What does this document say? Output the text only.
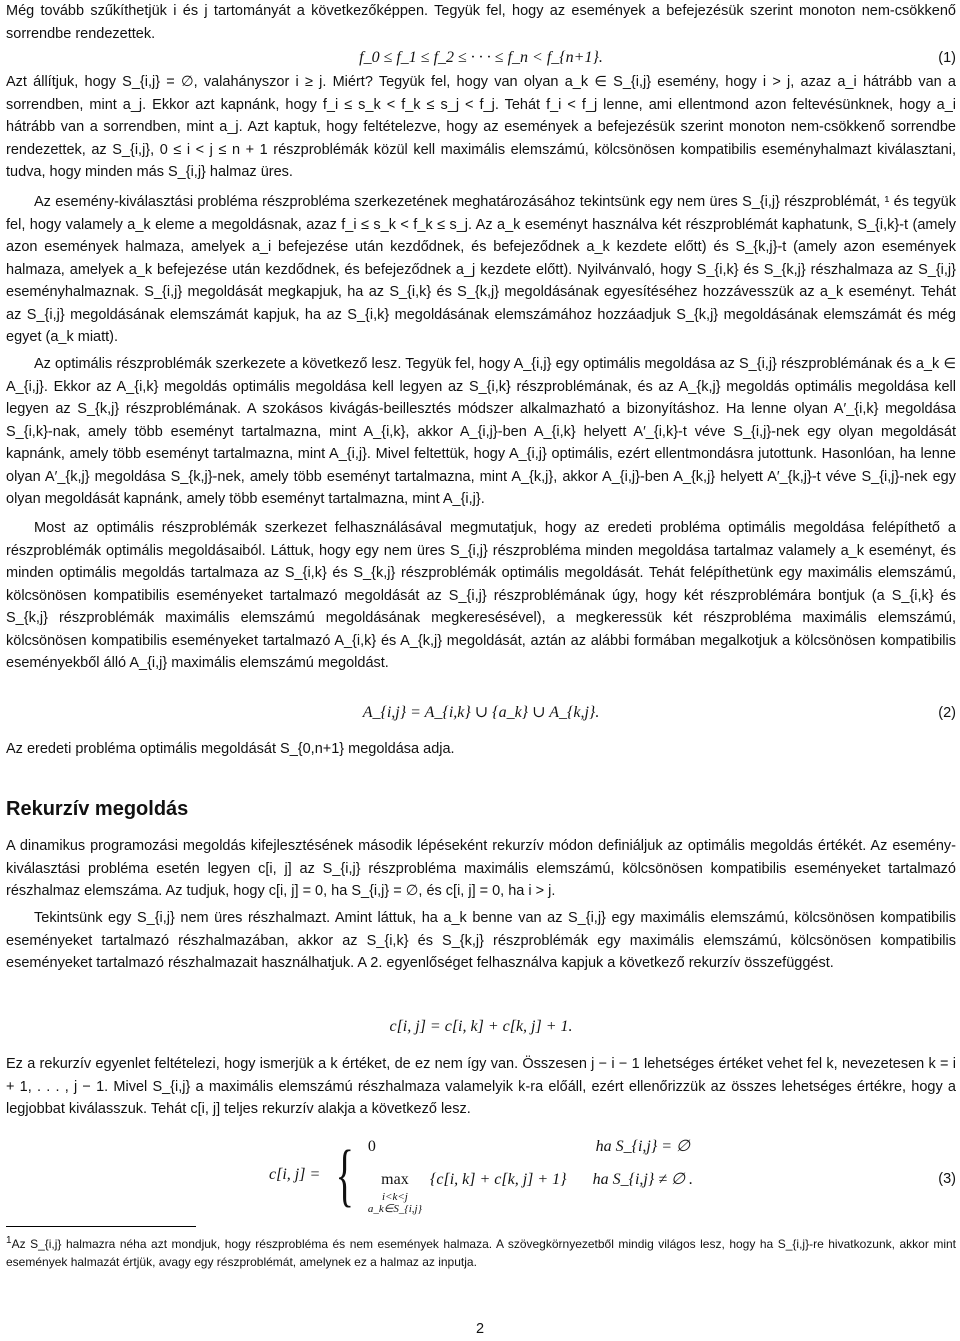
Még tovább szűkíthetjük i és j tartományát a következőképpen. Tegyük fel, hogy az események a befejezésük szerint monoton nem-csökkenő sorrendbe rendezettek.

f_0 ≤ f_1 ≤ f_2 ≤ · · · ≤ f_n < f_{n+1}.	(1)

Azt állítjuk, hogy S_{i,j} = ∅, valahányszor i ≥ j. Miért? Tegyük fel, hogy van olyan a_k ∈ S_{i,j} esemény, hogy i > j, azaz a_i hátrább van a sorrendben, mint a_j. Ekkor azt kapnánk, hogy f_i ≤ s_k < f_k ≤ s_j < f_j. Tehát f_i < f_j lenne, ami ellentmond azon feltevésünknek, hogy a_i hátrább van a sorrendben, mint a_j. Azt kaptuk, hogy feltételezve, hogy az események a befejezésük szerint monoton nem-csökkenő sorrendbe rendezettek, az S_{i,j}, 0 ≤ i < j ≤ n + 1 részproblémák közül kell maximális elemszámú, kölcsönösen kompatibilis eseményhalmazt kiválasztani, tudva, hogy minden más S_{i,j} halmaz üres.

Az esemény-kiválasztási probléma részprobléma szerkezetének meghatározásához tekintsünk egy nem üres S_{i,j} részproblémát, ¹ és tegyük fel, hogy valamely a_k eleme a megoldásnak, azaz f_i ≤ s_k < f_k ≤ s_j. Az a_k eseményt használva két részproblémát kaphatunk, S_{i,k}-t (amely azon események halmaza, amelyek a_i befejezése után kezdődnek, és befejeződnek a_k kezdete előtt) és S_{k,j}-t (amely azon események halmaza, amelyek a_k befejezése után kezdődnek, és befejeződnek a_j kezdete előtt). Nyilvánvaló, hogy S_{i,k} és S_{k,j} részhalmaza az S_{i,j} eseményhalmaznak. S_{i,j} megoldását megkapjuk, ha az S_{i,k} és S_{k,j} megoldásának egyesítéséhez hozzávesszük az a_k eseményt. Tehát az S_{i,j} megoldásának elemszámát kapjuk, ha az S_{i,k} megoldásának elemszámához hozzáadjuk S_{k,j} megoldásának elemszámát és még egyet (a_k miatt).

Az optimális részproblémák szerkezete a következő lesz. Tegyük fel, hogy A_{i,j} egy optimális megoldása az S_{i,j} részproblémának és a_k ∈ A_{i,j}. Ekkor az A_{i,k} megoldás optimális megoldása kell legyen az S_{i,k} részproblémának, és az A_{k,j} megoldás optimális megoldása kell legyen az S_{k,j} részproblémának. A szokásos kivágás-beillesztés módszer alkalmazható a bizonyításhoz. Ha lenne olyan A′_{i,k} megoldása S_{i,k}-nak, amely több eseményt tartalmazna, mint A_{i,k}, akkor A_{i,j}-ben A_{i,k} helyett A′_{i,k}-t véve S_{i,j}-nek egy olyan megoldását kapnánk, amely több eseményt tartalmazna, mint A_{i,j}. Mivel feltettük, hogy A_{i,j} optimális, ezért ellentmondásra jutottunk. Hasonlóan, ha lenne olyan A′_{k,j} megoldása S_{k,j}-nek, amely több eseményt tartalmazna, mint A_{k,j}, akkor A_{i,j}-ben A_{k,j} helyett A′_{k,j}-t véve S_{i,j}-nek egy olyan megoldását kapnánk, amely több eseményt tartalmazna, mint A_{i,j}.

Most az optimális részproblémák szerkezet felhasználásával megmutatjuk, hogy az eredeti probléma optimális megoldása felépíthető a részproblémák optimális megoldásaiból. Láttuk, hogy egy nem üres S_{i,j} részprobléma minden megoldása tartalmaz valamely a_k eseményt, és minden optimális megoldás tartalmaza az S_{i,k} és S_{k,j} részproblémák optimális megoldását. Tehát felépíthetünk egy maximális elemszámú, kölcsönösen kompatibilis eseményeket tartalmazó megoldását az S_{i,j} részproblémának úgy, hogy két részproblémára bontjuk (a S_{i,k} és S_{k,j} részproblémák maximális elemszámú megoldásának megkeresésével), a megkeressük két részprobléma maximális elemszámú, kölcsönösen kompatibilis eseményeket tartalmazó A_{i,k} és A_{k,j} megoldását, aztán az alábbi formában megalkotjuk a kölcsönösen kompatibilis eseményekből álló A_{i,j} maximális elemszámú megoldást.

A_{i,j} = A_{i,k} ∪ {a_k} ∪ A_{k,j}.	(2)

Az eredeti probléma optimális megoldását S_{0,n+1} megoldása adja.

Rekurzív megoldás

A dinamikus programozási megoldás kifejlesztésének második lépéseként rekurzív módon definiáljuk az optimális megoldás értékét. Az esemény-kiválasztási probléma esetén legyen c[i, j] az S_{i,j} részprobléma maximális elemszámú, kölcsönösen kompatibilis eseményeket tartalmazó részhalmaz elemszáma. Az tudjuk, hogy c[i, j] = 0, ha S_{i,j} = ∅, és c[i, j] = 0, ha i > j.

Tekintsünk egy S_{i,j} nem üres részhalmazt. Amint láttuk, ha a_k benne van az S_{i,j} egy maximális elemszámú, kölcsönösen kompatibilis eseményeket tartalmazó részhalmazában, akkor az S_{i,k} és S_{k,j} részproblémák egy maximális elemszámú, kölcsönösen kompatibilis eseményeket tartalmazó részhalmazait használhatjuk. A 2. egyenlőséget felhasználva kapjuk a következő rekurzív összefüggést.

c[i, j] = c[i, k] + c[k, j] + 1.

Ez a rekurzív egyenlet feltételezi, hogy ismerjük a k értéket, de ez nem így van. Összesen j − i − 1 lehetséges értéket vehet fel k, nevezetesen k = i + 1, . . . , j − 1. Mivel S_{i,j} a maximális elemszámú részhalmaza valamelyik k-ra előáll, ezért ellenőrizzük az összes lehetséges értékre, hogy a legjobbat kiválasszuk. Tehát c[i, j] teljes rekurzív alakja a következő lesz.

c[i, j] = { 0	ha S_{i,j} = ∅
max
i<k<j
a_k∈S_{i,j}
{c[i, k] + c[k, j] + 1} ha S_{i,j} ≠ ∅ .	(3)

$^1$Az S_{i,j} halmazra néha azt mondjuk, hogy részprobléma és nem események halmaza. A szövegkörnyezetből mindig világos lesz, hogy ha S_{i,j}-re hivatkozunk, akkor mint események halmazát értjük, avagy egy részproblémát, amelynek ez a halmaz az inputja.

2
